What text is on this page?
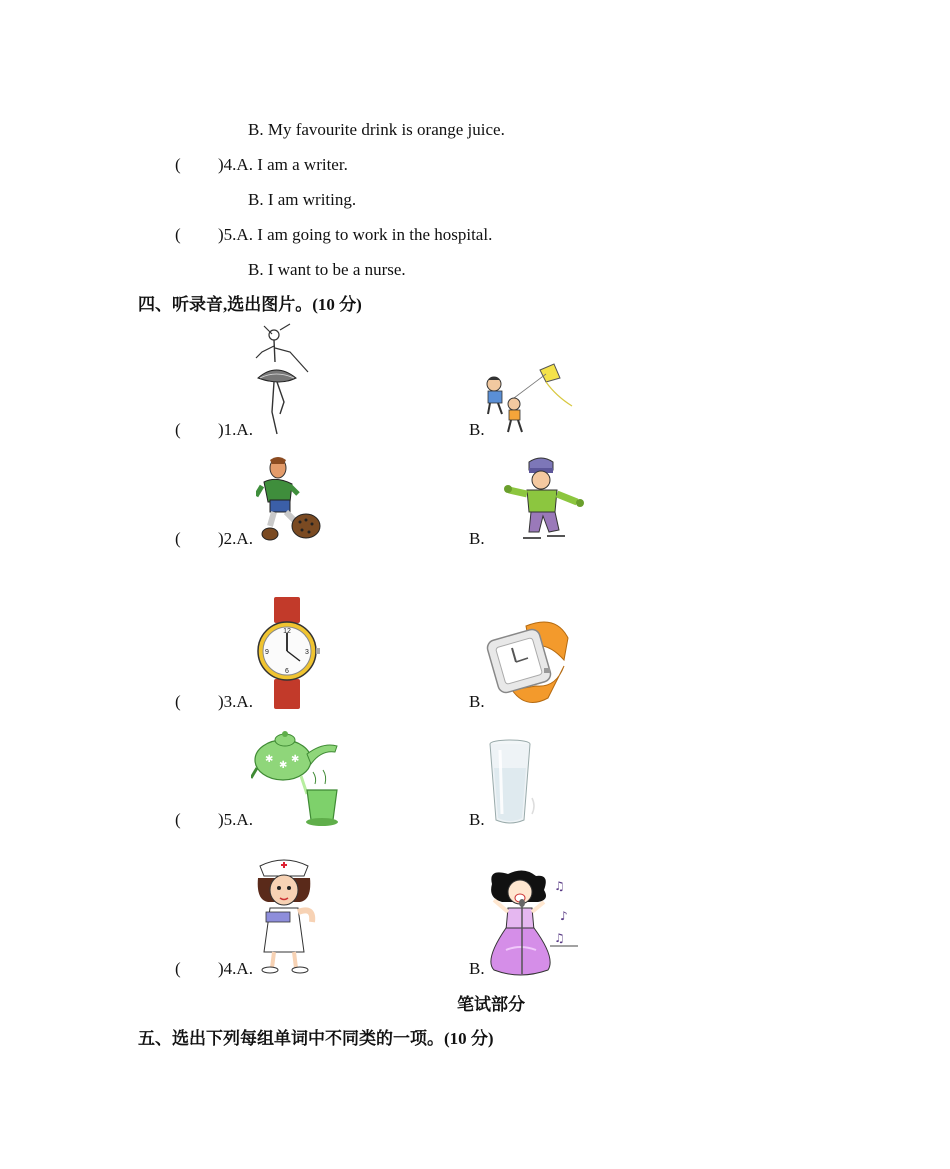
B. My favourite drink is orange juice.
( )4.A. I am a writer.
B. I am writing.
( )5.A. I am going to work in the hospital.
B. I want to be a nurse.
四、听录音,选出图片。(10 分)
( )1.A.	B.
( )2.A.	B.
( )3.A.
12
3
6
9
B.
( )5.A.
✱
✱
✱
B.
( )4.A.	B.
♫
♪
♫
笔试部分
五、选出下列每组单词中不同类的一项。(10 分)
